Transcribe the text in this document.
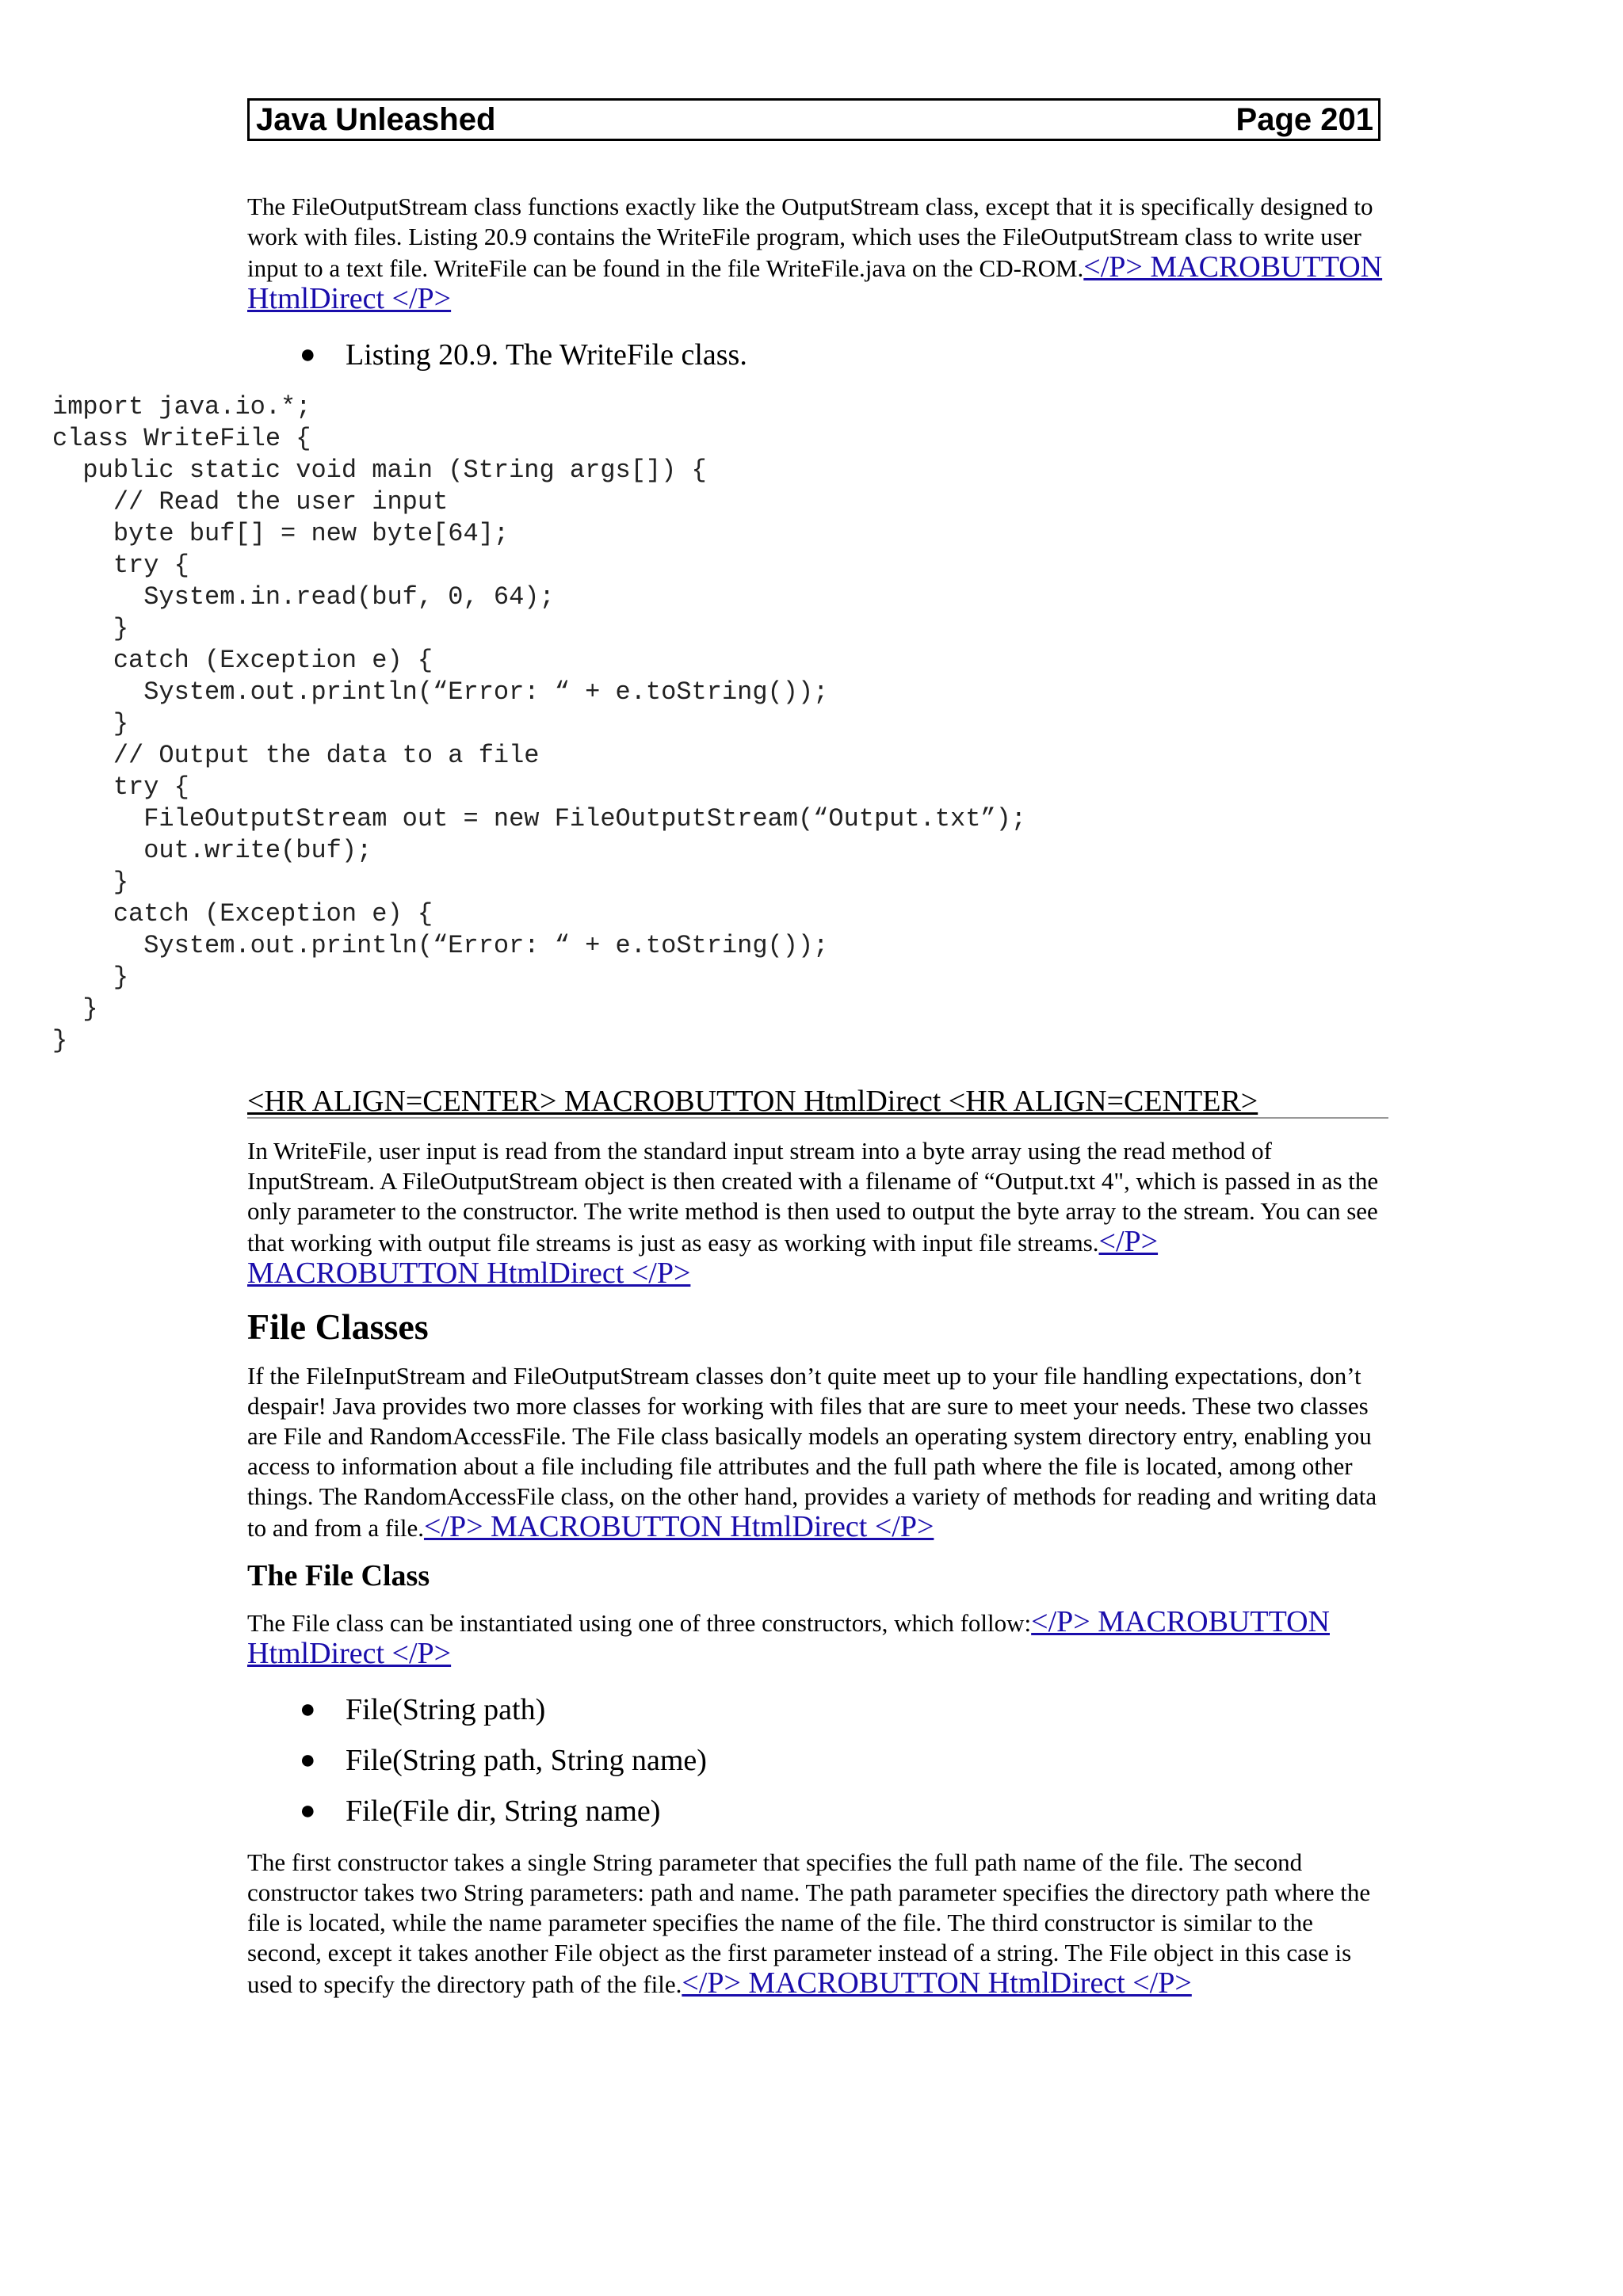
Java Unleashed	Page 201

The FileOutputStream class functions exactly like the OutputStream class, except that it is specifically designed to work with files. Listing 20.9 contains the WriteFile program, which uses the FileOutputStream class to write user input to a text file. WriteFile can be found in the file WriteFile.java on the CD-ROM.</P> MACROBUTTON HtmlDirect </P>

● Listing 20.9. The WriteFile class.
import java.io.*;
class WriteFile {
public static void main (String args[]) {
// Read the user input
byte buf[] = new byte[64];
try {
System.in.read(buf, 0, 64);
}
catch (Exception e) {
System.out.println(“Error: “ + e.toString());
}
// Output the data to a file
try {
FileOutputStream out = new FileOutputStream(“Output.txt”);
out.write(buf);
}
catch (Exception e) {
System.out.println(“Error: “ + e.toString());
}
}
}
<HR ALIGN=CENTER> MACROBUTTON HtmlDirect <HR ALIGN=CENTER>

In WriteFile, user input is read from the standard input stream into a byte array using the read method of InputStream. A FileOutputStream object is then created with a filename of “Output.txt 4", which is passed in as the only parameter to the constructor. The write method is then used to output the byte array to the stream. You can see that working with output file streams is just as easy as working with input file streams.</P> MACROBUTTON HtmlDirect </P>

File Classes

If the FileInputStream and FileOutputStream classes don’t quite meet up to your file handling expectations, don’t despair! Java provides two more classes for working with files that are sure to meet your needs. These two classes are File and RandomAccessFile. The File class basically models an operating system directory entry, enabling you access to information about a file including file attributes and the full path where the file is located, among other things. The RandomAccessFile class, on the other hand, provides a variety of methods for reading and writing data to and from a file.</P> MACROBUTTON HtmlDirect </P>

The File Class

The File class can be instantiated using one of three constructors, which follow:</P> MACROBUTTON HtmlDirect </P>

● File(String path)
● File(String path, String name)
● File(File dir, String name)

The first constructor takes a single String parameter that specifies the full path name of the file. The second constructor takes two String parameters: path and name. The path parameter specifies the directory path where the file is located, while the name parameter specifies the name of the file. The third constructor is similar to the second, except it takes another File object as the first parameter instead of a string. The File object in this case is used to specify the directory path of the file.</P> MACROBUTTON HtmlDirect </P>
